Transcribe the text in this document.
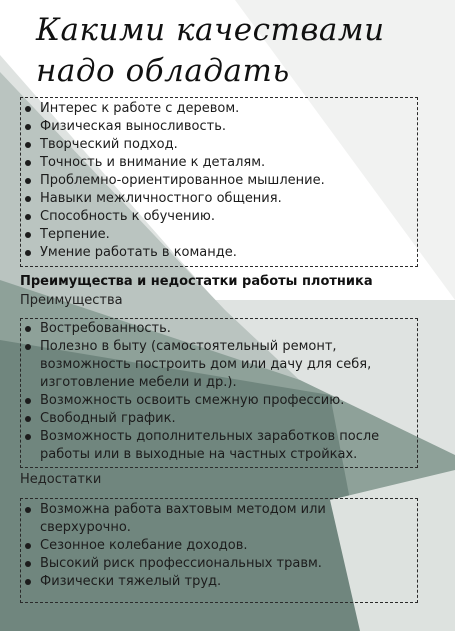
Какими качествами
надо обладать
Интерес к работе с деревом.
Физическая выносливость.
Творческий подход.
Точность и внимание к деталям.
Проблемно-ориентированное мышление.
Навыки межличностного общения.
Способность к обучению.
Терпение.
Умение работать в команде.
Преимущества и недостатки работы плотника
Преимущества
Востребованность.
Полезно в быту (самостоятельный ремонт, возможность построить дом или дачу для себя, изготовление мебели и др.).
Возможность освоить смежную профессию.
Свободный график.
Возможность дополнительных заработков после работы или в выходные на частных стройках.
Недостатки
Возможна работа вахтовым методом или сверхурочно.
Сезонное колебание доходов.
Высокий риск профессиональных травм.
Физически тяжелый труд.
